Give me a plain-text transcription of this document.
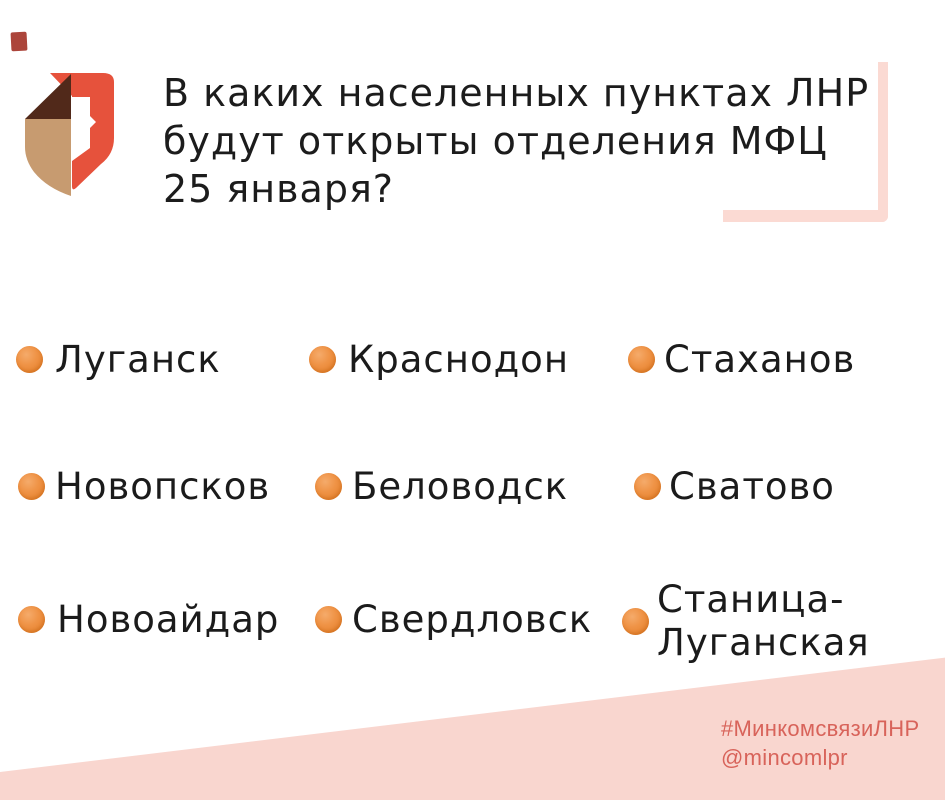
В каких населенных пунктах ЛНР
будут открыты отделения МФЦ
25 января?
Луганск	Краснодон	Стаханов
Новопсков Беловодск	Сватово
Новоайдар Свердловск Станица-
Луганская
#МинкомсвязиЛНР
@mincomlpr
